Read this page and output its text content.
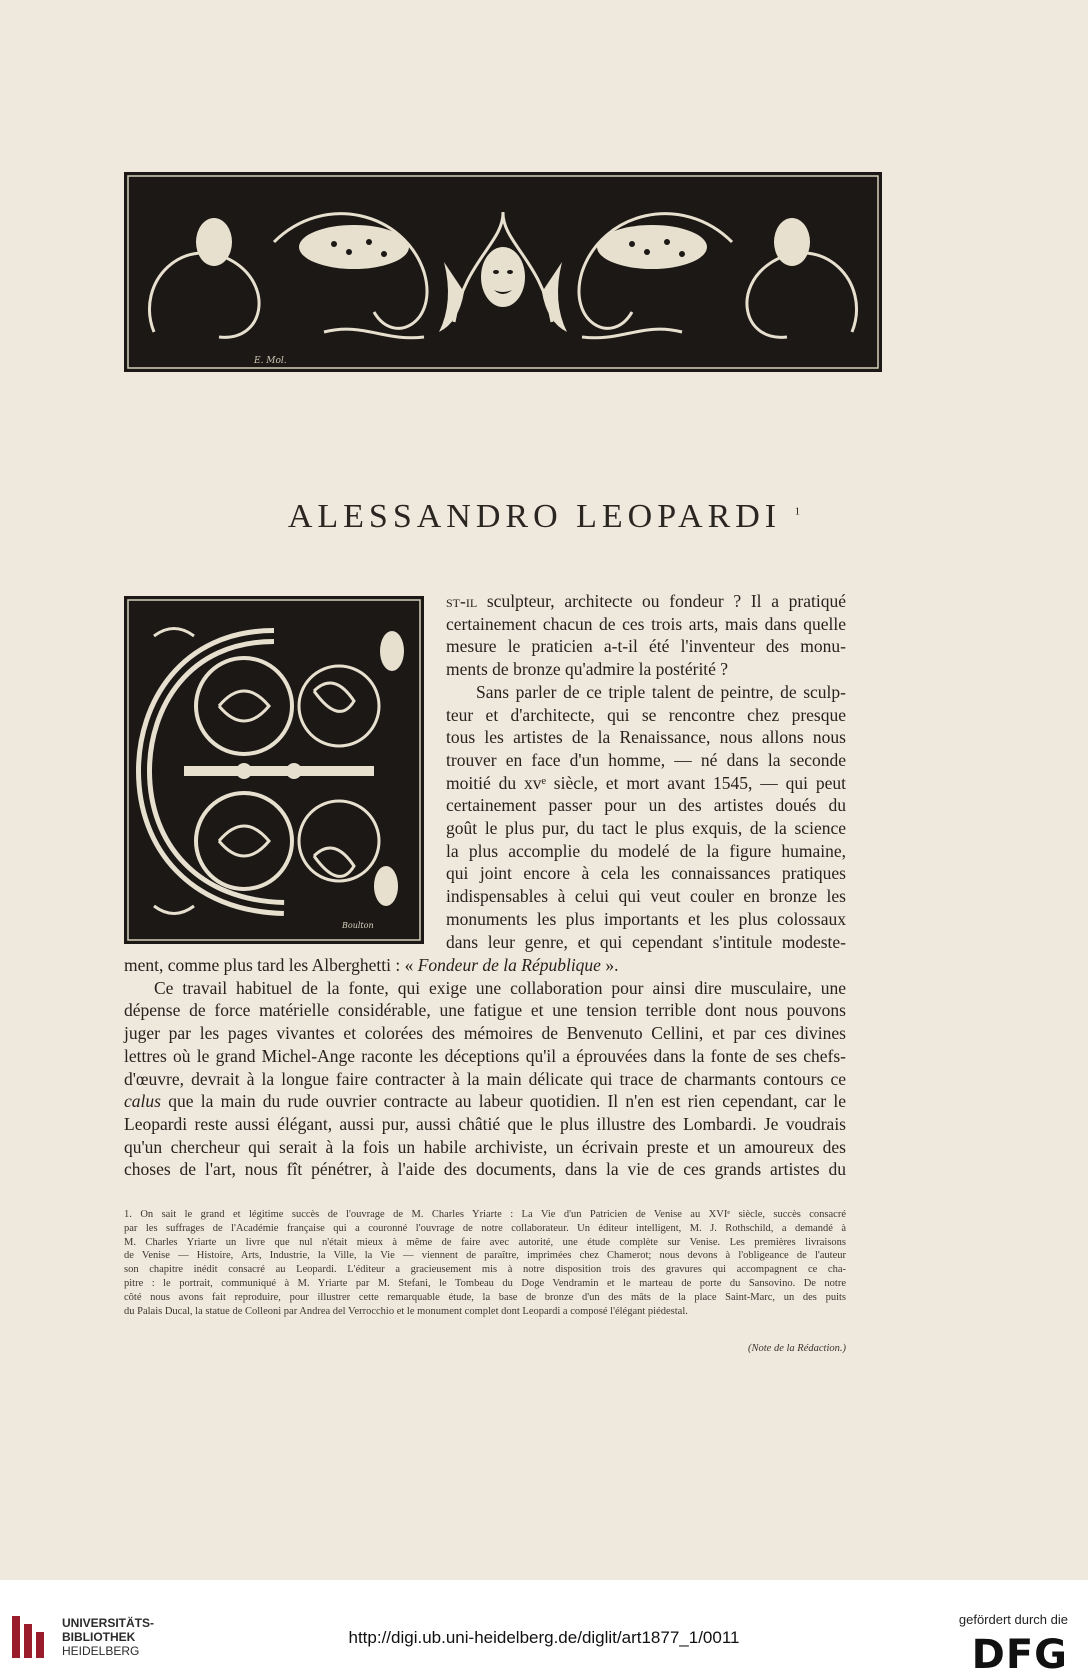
E. Mol.
ALESSANDRO LEOPARDI $^1$
Boulton
st-il sculpteur, architecte ou fondeur ? Il a pratiqué
certainement chacun de ces trois arts, mais dans quelle
mesure le praticien a-t-il été l'inventeur des monu-
ments de bronze qu'admire la postérité ?
Sans parler de ce triple talent de peintre, de sculp-
teur et d'architecte, qui se rencontre chez presque
tous les artistes de la Renaissance, nous allons nous
trouver en face d'un homme, — né dans la seconde
moitié du xvᵉ siècle, et mort avant 1545, — qui peut
certainement passer pour un des artistes doués du
goût le plus pur, du tact le plus exquis, de la science
la plus accomplie du modelé de la figure humaine,
qui joint encore à cela les connaissances pratiques
indispensables à celui qui veut couler en bronze les
monuments les plus importants et les plus colossaux
dans leur genre, et qui cependant s'intitule modeste-
ment, comme plus tard les Alberghetti : « Fondeur de la République ».
Ce travail habituel de la fonte, qui exige une collaboration pour ainsi dire musculaire, une
dépense de force matérielle considérable, une fatigue et une tension terrible dont nous pouvons
juger par les pages vivantes et colorées des mémoires de Benvenuto Cellini, et par ces divines
lettres où le grand Michel-Ange raconte les déceptions qu'il a éprouvées dans la fonte de ses chefs-
d'œuvre, devrait à la longue faire contracter à la main délicate qui trace de charmants contours ce
calus que la main du rude ouvrier contracte au labeur quotidien. Il n'en est rien cependant, car le
Leopardi reste aussi élégant, aussi pur, aussi châtié que le plus illustre des Lombardi. Je voudrais
qu'un chercheur qui serait à la fois un habile archiviste, un écrivain preste et un amoureux des
choses de l'art, nous fît pénétrer, à l'aide des documents, dans la vie de ces grands artistes du
1. On sait le grand et légitime succès de l'ouvrage de M. Charles Yriarte : La Vie d'un Patricien de Venise au XVIᵉ siècle, succès consacré
par les suffrages de l'Académie française qui a couronné l'ouvrage de notre collaborateur. Un éditeur intelligent, M. J. Rothschild, a demandé à
M. Charles Yriarte un livre que nul n'était mieux à même de faire avec autorité, une étude complète sur Venise. Les premières livraisons
de Venise — Histoire, Arts, Industrie, la Ville, la Vie — viennent de paraître, imprimées chez Chamerot; nous devons à l'obligeance de l'auteur
son chapitre inédit consacré au Leopardi. L'éditeur a gracieusement mis à notre disposition trois des gravures qui accompagnent ce cha-
pitre : le portrait, communiqué à M. Yriarte par M. Stefani, le Tombeau du Doge Vendramin et le marteau de porte du Sansovino. De notre
côté nous avons fait reproduire, pour illustrer cette remarquable étude, la base de bronze d'un des mâts de la place Saint-Marc, un des puits
du Palais Ducal, la statue de Colleoni par Andrea del Verrocchio et le monument complet dont Leopardi a composé l'élégant piédestal.
(Note de la Rédaction.)
UNIVERSITÄTS-
BIBLIOTHEK
HEIDELBERG
http://digi.ub.uni-heidelberg.de/diglit/art1877_1/0011
gefördert durch die
DFG
